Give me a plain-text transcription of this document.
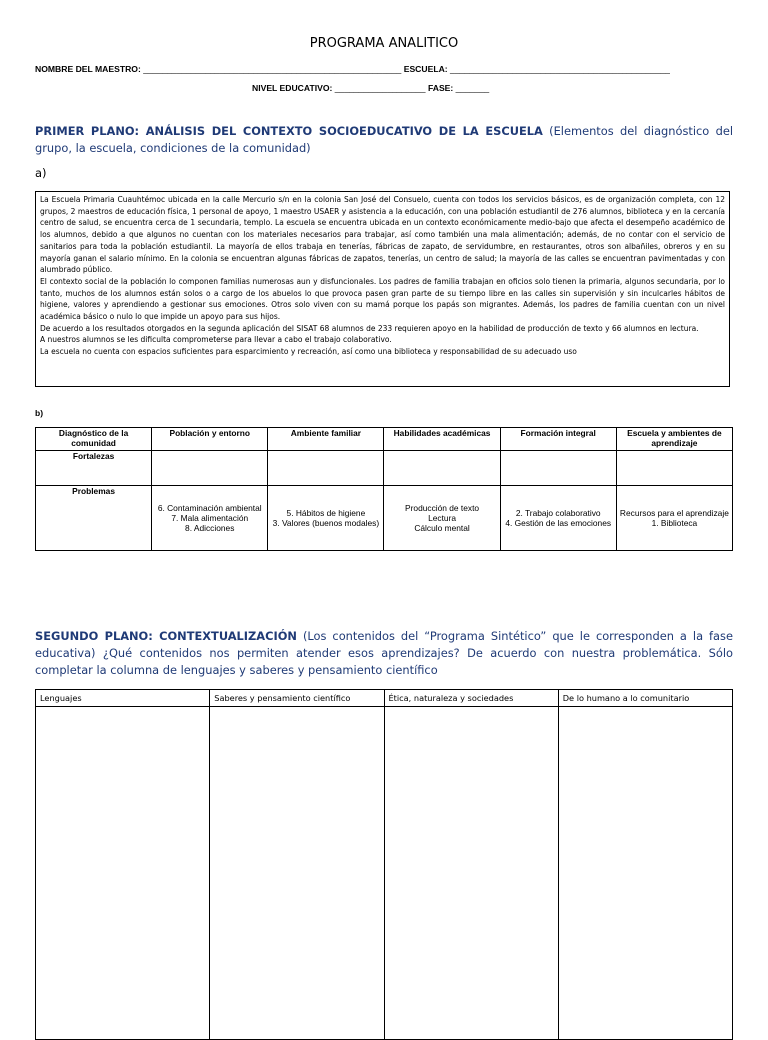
PROGRAMA ANALITICO
NOMBRE DEL MAESTRO: ______________________________________________________ ESCUELA: ______________________________________________
NIVEL EDUCATIVO: ___________________ FASE: _______
PRIMER PLANO: ANÁLISIS DEL CONTEXTO SOCIOEDUCATIVO DE LA ESCUELA (Elementos del diagnóstico del grupo, la escuela, condiciones de la comunidad)
a)

La Escuela Primaria Cuauhtémoc ubicada en la calle Mercurio s/n en la colonia San José del Consuelo, cuenta con todos los servicios básicos, es de organización completa, con 12 grupos, 2 maestros de educación física, 1 personal de apoyo, 1 maestro USAER y asistencia a la educación, con una población estudiantil de 276 alumnos, biblioteca y en la cercanía centro de salud, se encuentra cerca de 1 secundaria, templo. La escuela se encuentra ubicada en un contexto económicamente medio-bajo que afecta el desempeño académico de los alumnos, debido a que algunos no cuentan con los materiales necesarios para trabajar, así como también una mala alimentación; además, de no contar con el servicio de sanitarios para toda la población estudiantil. La mayoría de ellos trabaja en tenerías, fábricas de zapato, de servidumbre, en restaurantes, otros son albañiles, obreros y en su mayoría ganan el salario mínimo. En la colonia se encuentran algunas fábricas de zapatos, tenerías, un centro de salud; la mayoría de las calles se encuentran pavimentadas y con alumbrado público.

El contexto social de la población lo componen familias numerosas aun y disfuncionales. Los padres de familia trabajan en oficios solo tienen la primaria, algunos secundaria, por lo tanto, muchos de los alumnos están solos o a cargo de los abuelos lo que provoca pasen gran parte de su tiempo libre en las calles sin supervisión y sin inculcarles hábitos de higiene, valores y aprendiendo a gestionar sus emociones. Otros solo viven con su mamá porque los papás son migrantes. Además, los padres de familia cuentan con un nivel académica básico o nulo lo que impide un apoyo para sus hijos.

De acuerdo a los resultados otorgados en la segunda aplicación del SISAT 68 alumnos de 233 requieren apoyo en la habilidad de producción de texto y 66 alumnos en lectura.

A nuestros alumnos se les dificulta comprometerse para llevar a cabo el trabajo colaborativo.

La escuela no cuenta con espacios suficientes para esparcimiento y recreación, así como una biblioteca y responsabilidad de su adecuado uso

b)
Diagnóstico de la comunidad	Población y entorno	Ambiente familiar	Habilidades académicas	Formación integral	Escuela y ambientes de aprendizaje
Fortalezas					
Problemas	6. Contaminación ambiental
7. Mala alimentación
8. Adicciones	5. Hábitos de higiene
3. Valores (buenos modales)	Producción de texto
Lectura
Cálculo mental	2. Trabajo colaborativo
4. Gestión de las emociones	Recursos para el aprendizaje
1. Biblioteca
SEGUNDO PLANO: CONTEXTUALIZACIÓN (Los contenidos del “Programa Sintético” que le corresponden a la fase educativa) ¿Qué contenidos nos permiten atender esos aprendizajes? De acuerdo con nuestra problemática. Sólo completar la columna de lenguajes y saberes y pensamiento científico
Lenguajes	Saberes y pensamiento científico	Ética, naturaleza y sociedades	De lo humano a lo comunitario
